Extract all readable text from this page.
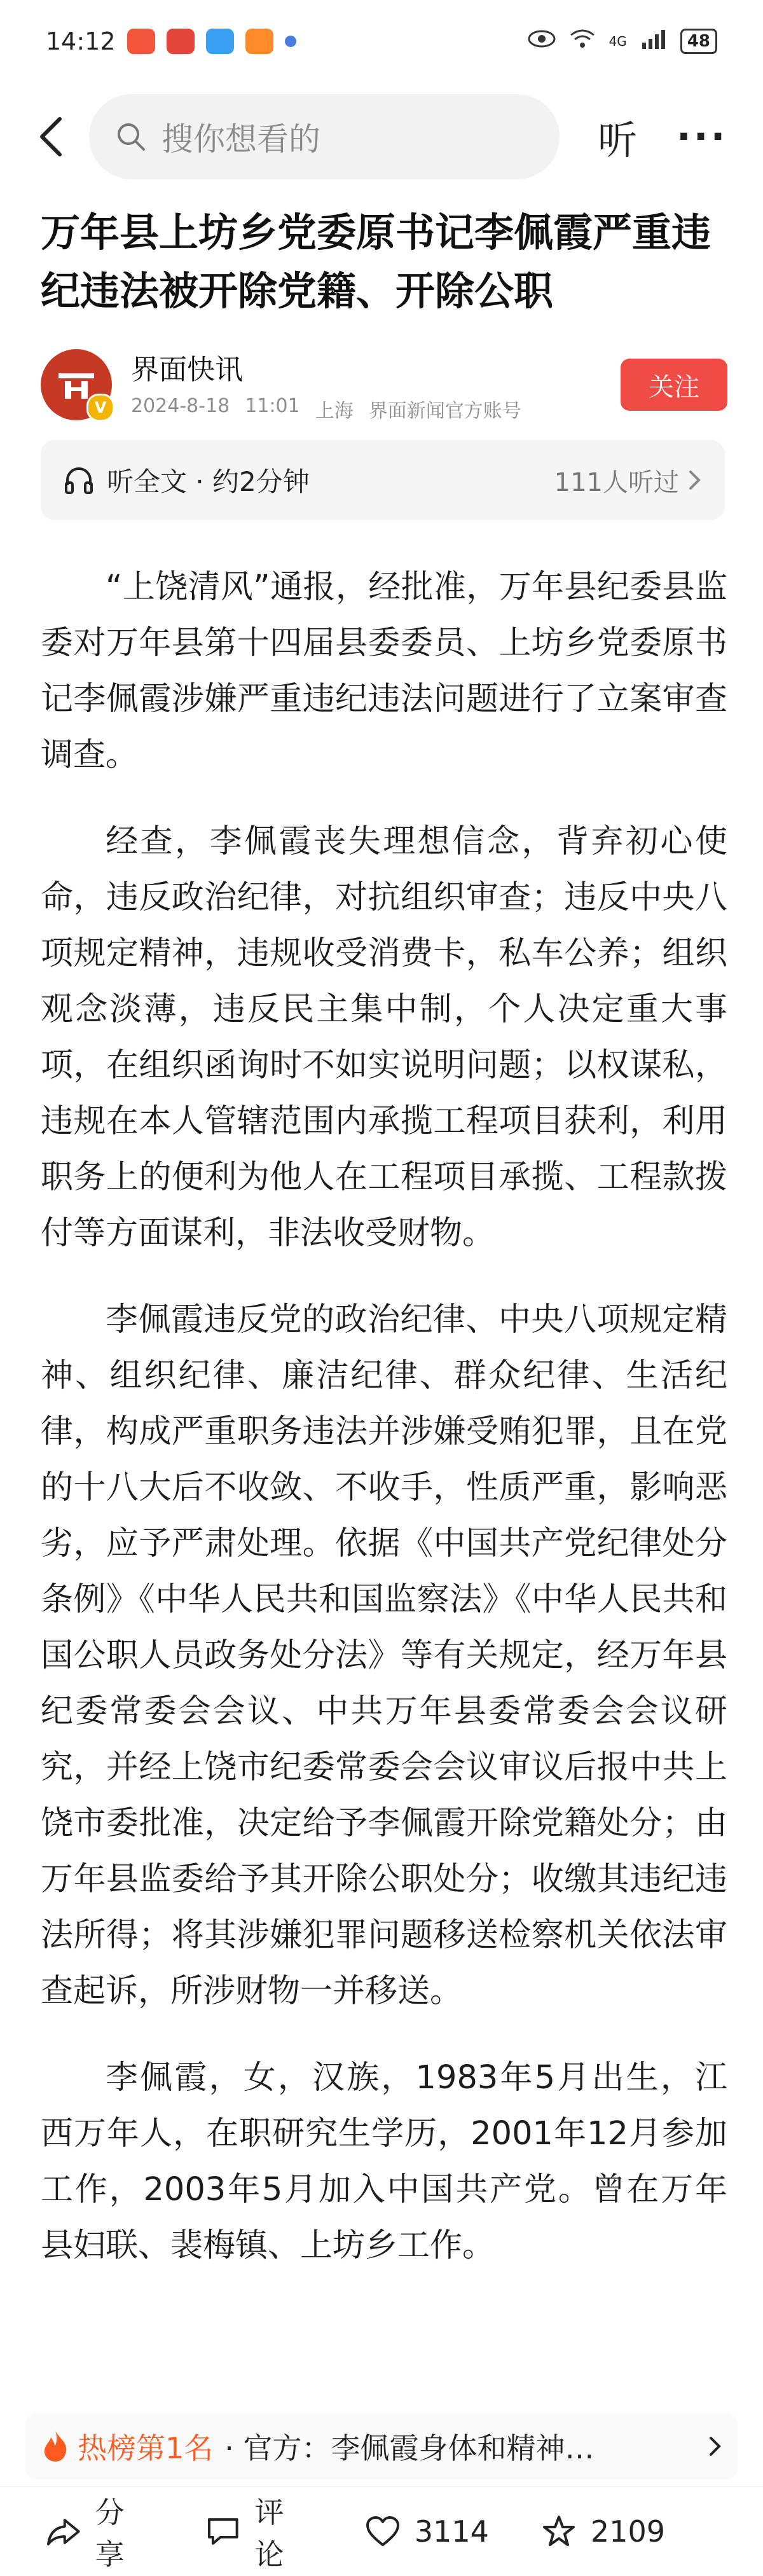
14:12	4G	48
搜你想看的	听 ···
万年县上坊乡党委原书记李佩霞严重违纪违法被开除党籍、开除公职
V
界面快讯
2024-8-18 11:01 上海 界面新闻官方账号
关注
听全文 · 约2分钟	111人听过

“上饶清风”通报，经批准，万年县纪委县监委对万年县第十四届县委委员、上坊乡党委原书记李佩霞涉嫌严重违纪违法问题进行了立案审查调查。

经查，李佩霞丧失理想信念，背弃初心使命，违反政治纪律，对抗组织审查；违反中央八项规定精神，违规收受消费卡，私车公养；组织观念淡薄，违反民主集中制，个人决定重大事项，在组织函询时不如实说明问题；以权谋私，违规在本人管辖范围内承揽工程项目获利，利用职务上的便利为他人在工程项目承揽、工程款拨付等方面谋利，非法收受财物。

李佩霞违反党的政治纪律、中央八项规定精神、组织纪律、廉洁纪律、群众纪律、生活纪律，构成严重职务违法并涉嫌受贿犯罪，且在党的十八大后不收敛、不收手，性质严重，影响恶劣，应予严肃处理。依据《中国共产党纪律处分条例》《中华人民共和国监察法》《中华人民共和国公职人员政务处分法》等有关规定，经万年县纪委常委会会议、中共万年县委常委会会议研究，并经上饶市纪委常委会会议审议后报中共上饶市委批准，决定给予李佩霞开除党籍处分；由万年县监委给予其开除公职处分；收缴其违纪违法所得；将其涉嫌犯罪问题移送检察机关依法审查起诉，所涉财物一并移送。

李佩霞，女，汉族，1983年5月出生，江西万年人，在职研究生学历，2001年12月参加工作，2003年5月加入中国共产党。曾在万年县妇联、裴梅镇、上坊乡工作。

热榜第1名 · 官方：李佩霞身体和精神…
分享
评论
3114	2109
